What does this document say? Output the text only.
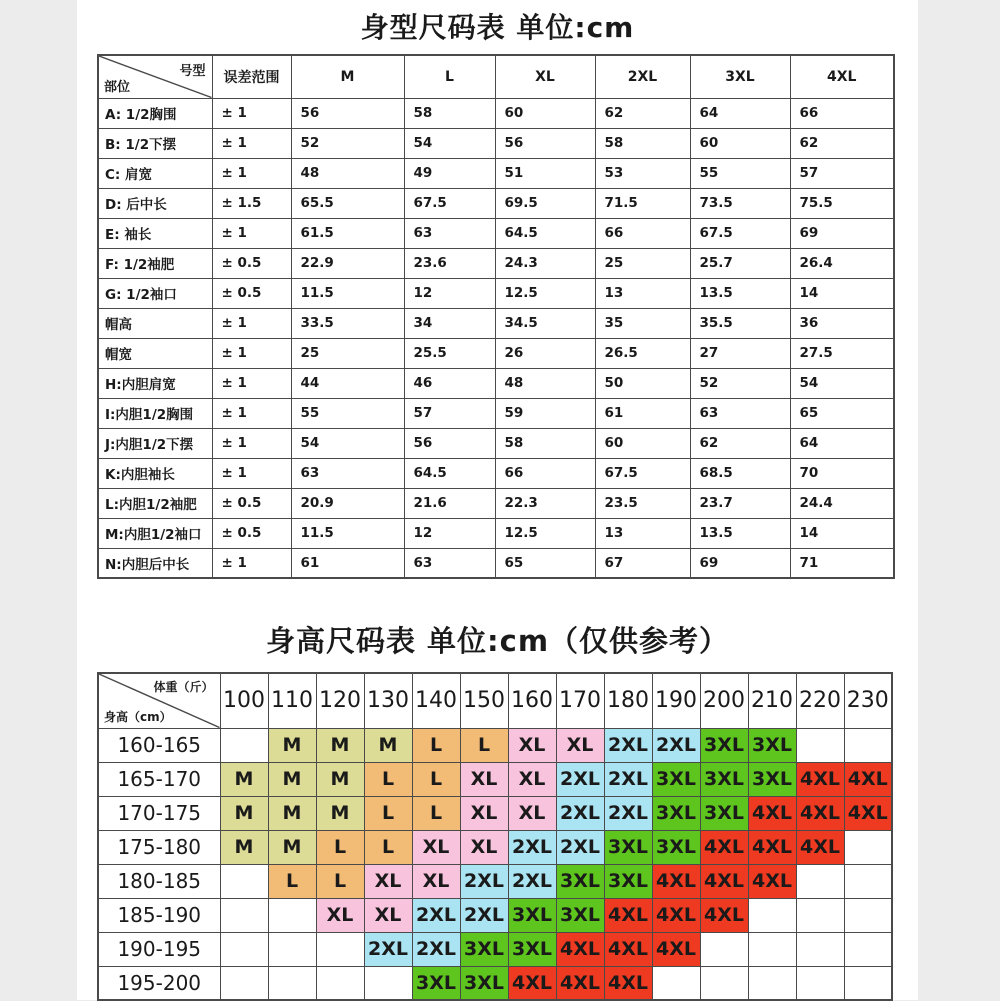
身型尺码表 单位:cm
号型
部位	误差范围	M	L	XL	2XL	3XL	4XL
A: 1/2胸围	± 1	56	58	60	62	64	66
B: 1/2下摆	± 1	52	54	56	58	60	62
C: 肩宽	± 1	48	49	51	53	55	57
D: 后中长	± 1.5	65.5	67.5	69.5	71.5	73.5	75.5
E: 袖长	± 1	61.5	63	64.5	66	67.5	69
F: 1/2袖肥	± 0.5	22.9	23.6	24.3	25	25.7	26.4
G: 1/2袖口	± 0.5	11.5	12	12.5	13	13.5	14
帽高	± 1	33.5	34	34.5	35	35.5	36
帽宽	± 1	25	25.5	26	26.5	27	27.5
H:内胆肩宽	± 1	44	46	48	50	52	54
I:内胆1/2胸围	± 1	55	57	59	61	63	65
J:内胆1/2下摆	± 1	54	56	58	60	62	64
K:内胆袖长	± 1	63	64.5	66	67.5	68.5	70
L:内胆1/2袖肥	± 0.5	20.9	21.6	22.3	23.5	23.7	24.4
M:内胆1/2袖口	± 0.5	11.5	12	12.5	13	13.5	14
N:内胆后中长	± 1	61	63	65	67	69	71
身高尺码表 单位:cm（仅供参考）
体重（斤）
身高（cm）	100	110	120	130	140	150	160	170	180	190	200	210	220	230
160-165		M	M	M	L	L	XL	XL	2XL	2XL	3XL	3XL		
165-170	M	M	M	L	L	XL	XL	2XL	2XL	3XL	3XL	3XL	4XL	4XL
170-175	M	M	M	L	L	XL	XL	2XL	2XL	3XL	3XL	4XL	4XL	4XL
175-180	M	M	L	L	XL	XL	2XL	2XL	3XL	3XL	4XL	4XL	4XL	
180-185		L	L	XL	XL	2XL	2XL	3XL	3XL	4XL	4XL	4XL		
185-190			XL	XL	2XL	2XL	3XL	3XL	4XL	4XL	4XL			
190-195				2XL	2XL	3XL	3XL	4XL	4XL	4XL				
195-200					3XL	3XL	4XL	4XL	4XL					
